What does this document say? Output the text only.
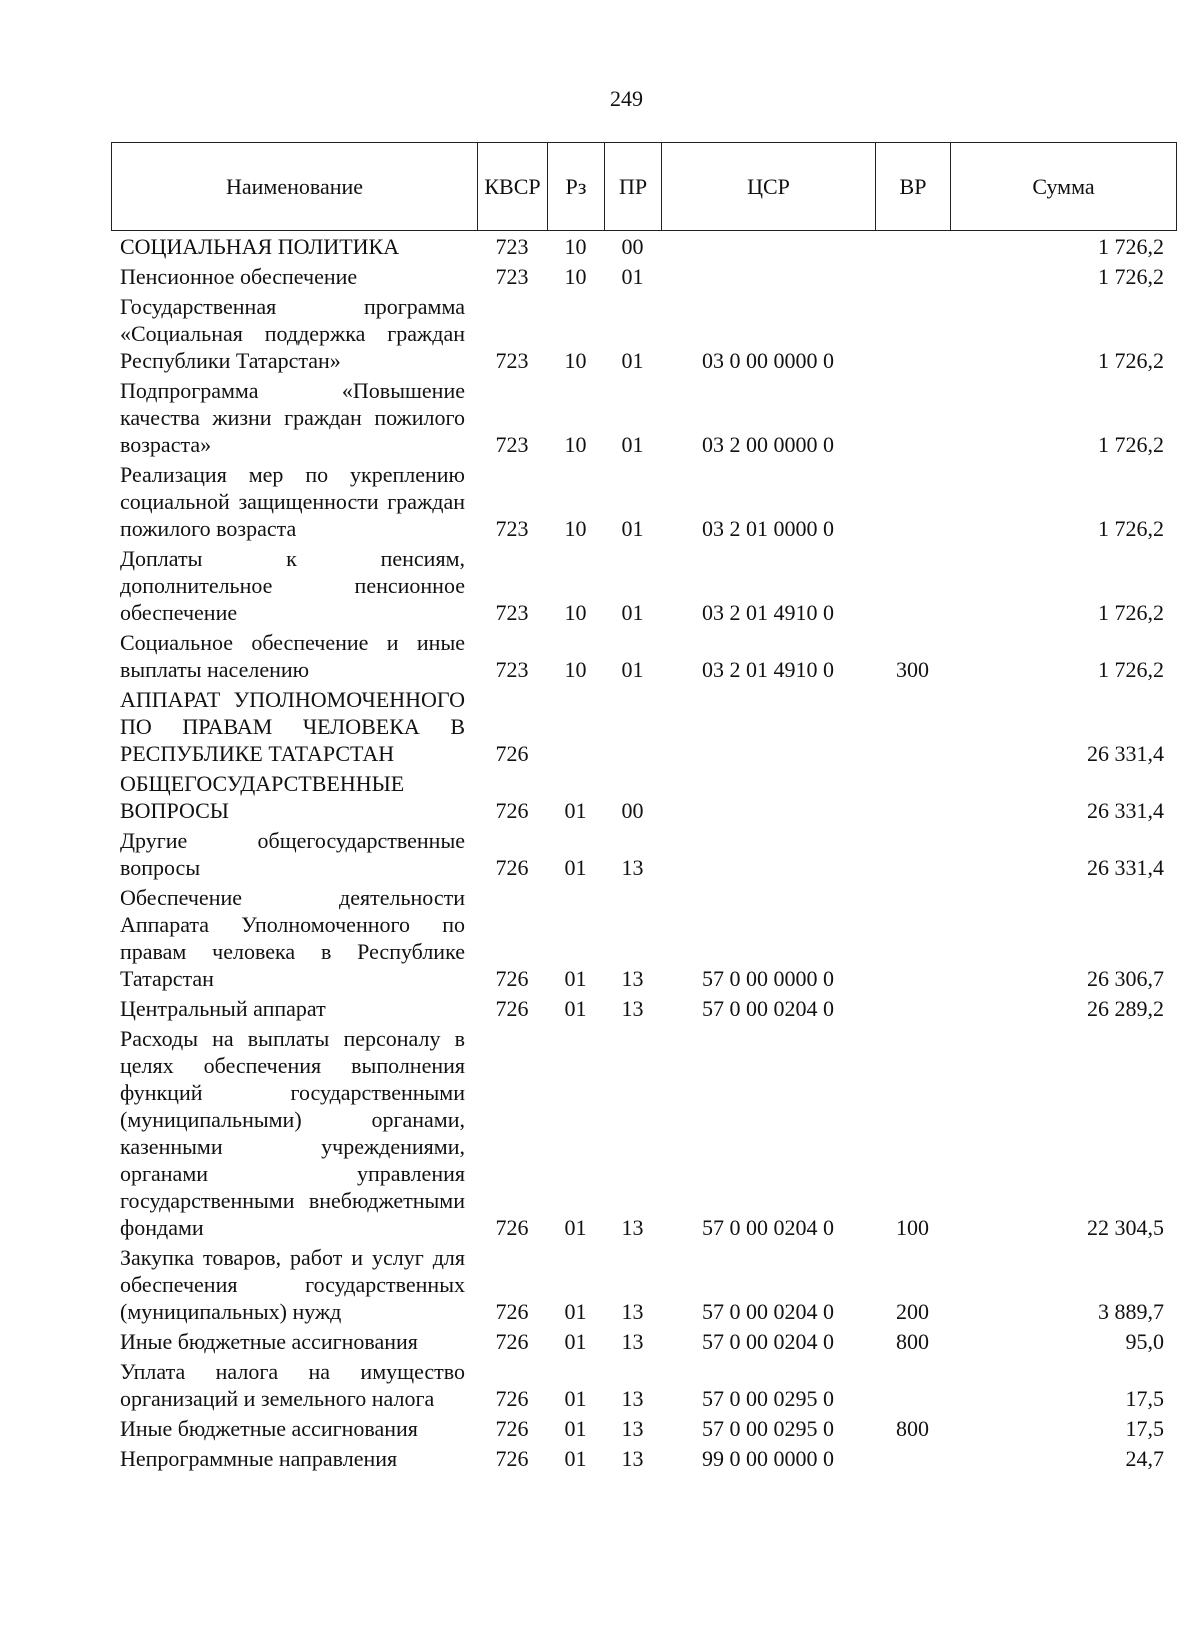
249
Наименование	КВСР	Рз	ПР	ЦСР	ВР	Сумма
СОЦИАЛЬНАЯ ПОЛИТИКА	723	10	00			1 726,2
Пенсионное обеспечение	723	10	01			1 726,2
Государственная программа «Социальная поддержка граждан Республики Татарстан»	723	10	01	03 0 00 0000 0		1 726,2
Подпрограмма «Повышение качества жизни граждан пожилого возраста»	723	10	01	03 2 00 0000 0		1 726,2
Реализация мер по укреплению социальной защищенности граждан пожилого возраста	723	10	01	03 2 01 0000 0		1 726,2
Доплаты к пенсиям, дополнительное пенсионное обеспечение	723	10	01	03 2 01 4910 0		1 726,2
Социальное обеспечение и иные выплаты населению	723	10	01	03 2 01 4910 0	300	1 726,2
АППАРАТ УПОЛНОМОЧЕННОГО ПО ПРАВАМ ЧЕЛОВЕКА В РЕСПУБЛИКЕ ТАТАРСТАН	726					26 331,4
ОБЩЕГОСУДАРСТВЕННЫЕ ВОПРОСЫ	726	01	00			26 331,4
Другие общегосударственные вопросы	726	01	13			26 331,4
Обеспечение деятельности Аппарата Уполномоченного по правам человека в Республике Татарстан	726	01	13	57 0 00 0000 0		26 306,7
Центральный аппарат	726	01	13	57 0 00 0204 0		26 289,2
Расходы на выплаты персоналу в целях обеспечения выполнения функций государственными (муниципальными) органами, казенными учреждениями, органами управления государственными внебюджетными фондами	726	01	13	57 0 00 0204 0	100	22 304,5
Закупка товаров, работ и услуг для обеспечения государственных (муниципальных) нужд	726	01	13	57 0 00 0204 0	200	3 889,7
Иные бюджетные ассигнования	726	01	13	57 0 00 0204 0	800	95,0
Уплата налога на имущество организаций и земельного налога	726	01	13	57 0 00 0295 0		17,5
Иные бюджетные ассигнования	726	01	13	57 0 00 0295 0	800	17,5
Непрограммные направления	726	01	13	99 0 00 0000 0		24,7
